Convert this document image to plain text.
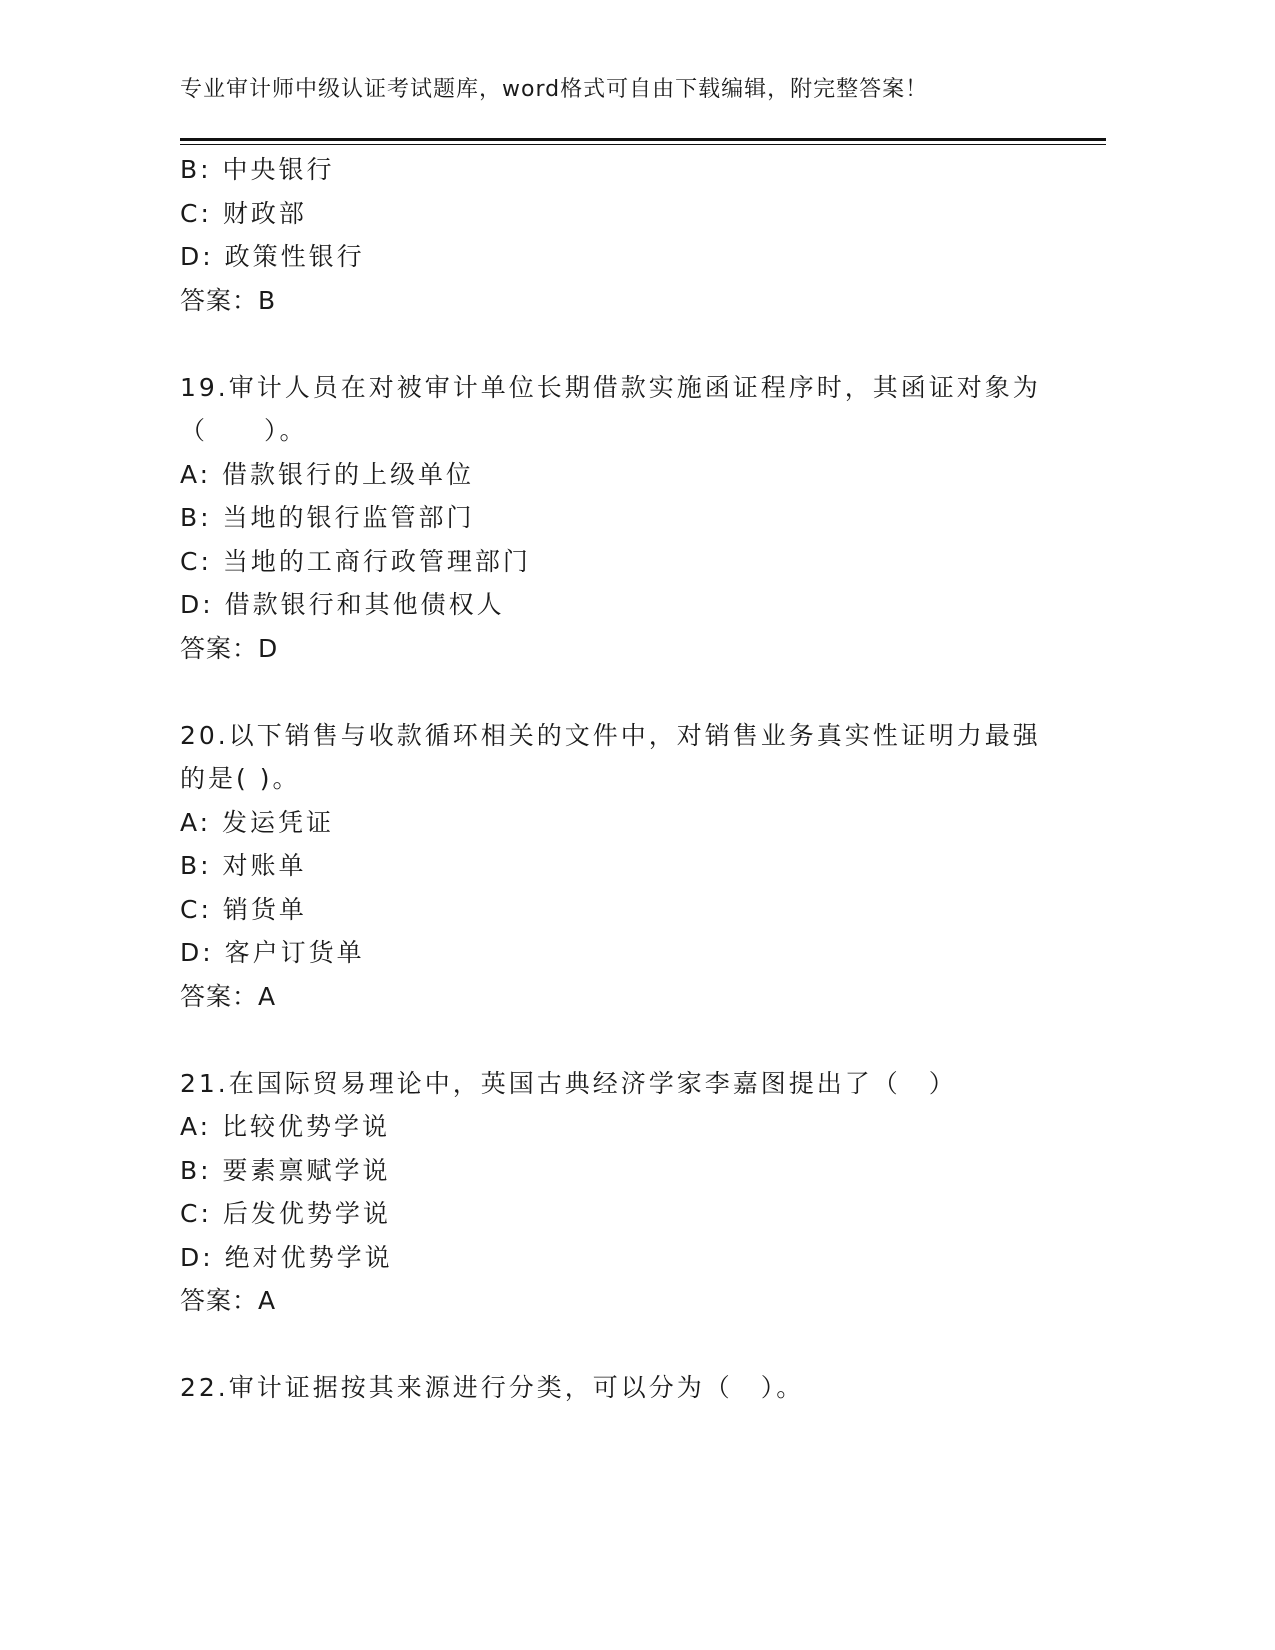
专业审计师中级认证考试题库，word格式可自由下载编辑，附完整答案！
B: 中央银行
C: 财政部
D: 政策性银行
答案：B
19.审计人员在对被审计单位长期借款实施函证程序时，其函证对象为
（　　）。
A: 借款银行的上级单位
B: 当地的银行监管部门
C: 当地的工商行政管理部门
D: 借款银行和其他债权人
答案：D
20.以下销售与收款循环相关的文件中，对销售业务真实性证明力最强
的是( )。
A: 发运凭证
B: 对账单
C: 销货单
D: 客户订货单
答案：A
21.在国际贸易理论中，英国古典经济学家李嘉图提出了（　）
A: 比较优势学说
B: 要素禀赋学说
C: 后发优势学说
D: 绝对优势学说
答案：A
22.审计证据按其来源进行分类，可以分为（　）。
